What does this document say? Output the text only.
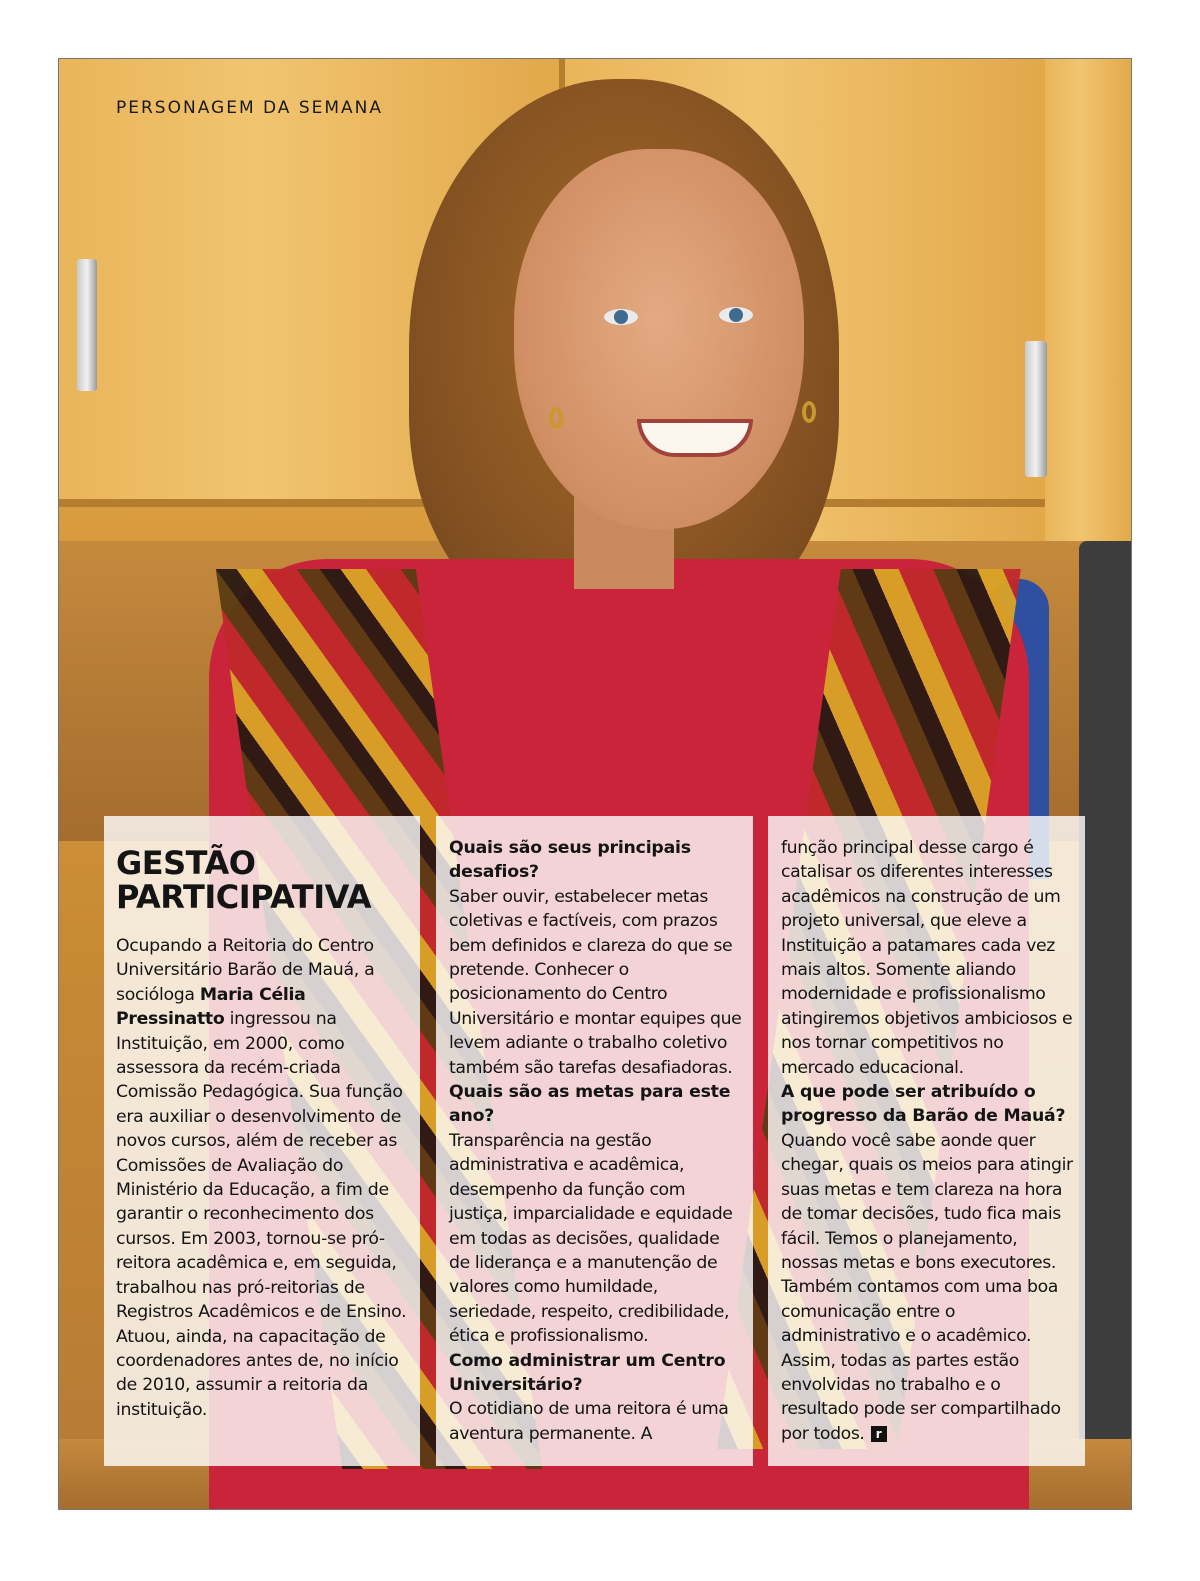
PERSONAGEM DA SEMANA
GESTÃO
PARTICIPATIVA

Ocupando a Reitoria do Centro Universitário Barão de Mauá, a socióloga Maria Célia Pressinatto ingressou na Instituição, em 2000, como assessora da recém-criada Comissão Pedagógica. Sua função era auxiliar o desenvolvimento de novos cursos, além de receber as Comissões de Avaliação do Ministério da Educação, a fim de garantir o reconhecimento dos cursos. Em 2003, tornou-se pró-reitora acadêmica e, em seguida, trabalhou nas pró-reitorias de Registros Acadêmicos e de Ensino. Atuou, ainda, na capacitação de coordenadores antes de, no início de 2010, assumir a reitoria da instituição.

Quais são seus principais desafios?

Saber ouvir, estabelecer metas coletivas e factíveis, com prazos bem definidos e clareza do que se pretende. Conhecer o posicionamento do Centro Universitário e montar equipes que levem adiante o trabalho coletivo também são tarefas desafiadoras.

Quais são as metas para este ano?

Transparência na gestão administrativa e acadêmica, desempenho da função com justiça, imparcialidade e equidade em todas as decisões, qualidade de liderança e a manutenção de valores como humildade, seriedade, respeito, credibilidade, ética e profissionalismo.

Como administrar um Centro Universitário?

O cotidiano de uma reitora é uma aventura permanente. A

função principal desse cargo é catalisar os diferentes interesses acadêmicos na construção de um projeto universal, que eleve a Instituição a patamares cada vez mais altos. Somente aliando modernidade e profissionalismo atingiremos objetivos ambiciosos e nos tornar competitivos no mercado educacional.

A que pode ser atribuído o progresso da Barão de Mauá?

Quando você sabe aonde quer chegar, quais os meios para atingir suas metas e tem clareza na hora de tomar decisões, tudo fica mais fácil. Temos o planejamento, nossas metas e bons executores. Também contamos com uma boa comunicação entre o administrativo e o acadêmico. Assim, todas as partes estão envolvidas no trabalho e o resultado pode ser compartilhado por todos. r
